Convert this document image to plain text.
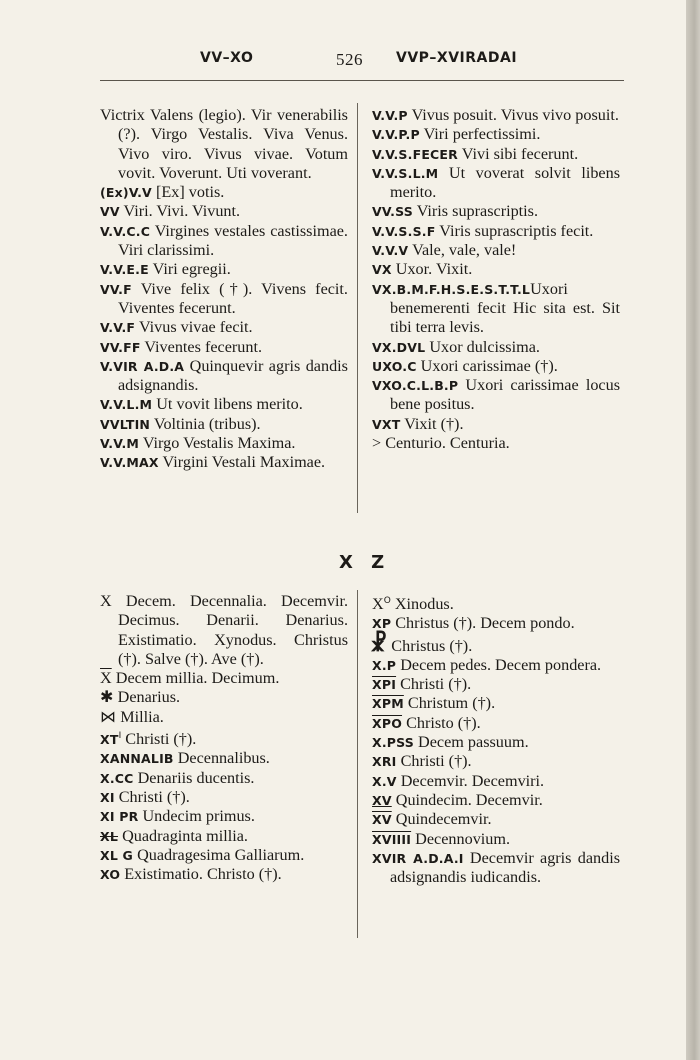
VV–XO	526 VVP–XVIRADAI

Victrix Valens (legio). Vir venerabilis (?). Virgo Vestalis. Viva Venus. Vivo viro. Vivus vivae. Votum vovit. Voverunt. Uti voverant.

(Ex)V.V [Ex] votis.

VV Viri. Vivi. Vivunt.

V.V.C.C Virgines vestales castissimae. Viri clarissimi.

V.V.E.E Viri egregii.

VV.F Vive felix (†). Vivens fecit. Viventes fecerunt.

V.V.F Vivus vivae fecit.

VV.FF Viventes fecerunt.

V.VIR A.D.A Quinquevir agris dandis adsignandis.

V.V.L.M Ut vovit libens merito.

VVLTIN Voltinia (tribus).

V.V.M Virgo Vestalis Maxima.

V.V.MAX Virgini Vestali Maximae.

V.V.P Vivus posuit. Vivus vivo posuit.

V.V.P.P Viri perfectissimi.

V.V.S.FECER Vivi sibi fecerunt.

V.V.S.L.M Ut voverat solvit libens merito.

VV.SS Viris suprascriptis.

V.V.S.S.F Viris suprascriptis fecit.

V.V.V Vale, vale, vale!

VX Uxor. Vixit.

VX.B.M.F.H.S.E.S.T.T.LUxori benemerenti fecit Hic sita est. Sit tibi terra levis.

VX.DVL Uxor dulcissima.

UXO.C Uxori carissimae (†).

VXO.C.L.B.P Uxori carissimae locus bene positus.

VXT Vixit (†).

> Centurio. Centuria.

X Z

X Decem. Decennalia. Decemvir. Decimus. Denarii. Denarius. Existimatio. Xynodus. Christus (†). Salve (†). Ave (†).

$\overline{X}$ Decem millia. Decimum.

✱ Denarius.

⋈ Millia.

$XT^I$ Christi (†).

XANNALIB Decennalibus.

X.CC Denariis ducentis.

XI Christi (†).

XI PR Undecim primus.

XL Quadraginta millia.

XL G Quadragesima Galliarum.

XO Existimatio. Christo (†).

$X^O$ Xinodus.

XP Christus (†). Decem pondo.

☧ Christus (†).

X.P Decem pedes. Decem pondera.

$\overline{XPI}$ Christi (†).

$\overline{XPM}$ Christum (†).

$\overline{XPO}$ Christo (†).

X.PSS Decem passuum.

XRI Christi (†).

X.V Decemvir. Decemviri.

XV Quindecim. Decemvir.

$\overline{XV}$ Quindecemvir.

XVIIII Decennovium.

XVIR A.D.A.I Decemvir agris dandis adsignandis iudicandis.
